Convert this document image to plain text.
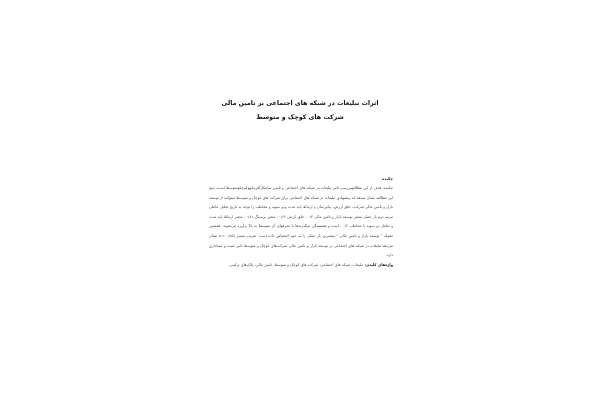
اثرات تبلیغات در شبکه های اجتماعی بر تامین مالی
شرکت های کوچک و متوسط
چکیده
چکیده: هدف از این مطالعهبررسی تاثیر تبلیغات در شبکه های اجتماعی و تامین سایتکارآفرینانهوکوچکومتوسط است. نتیج این مطالعه نشان میدهد که پیشنهادی تبلیغات در شبکه های اجتماعی برای شرکت های کوچک و متوسط میتوانند از توسعه بازار و تامین مالی شرکت، خلق ارزش، پیام‌رسان و ارتباط باید مدت ودو سویه و مخاطب را توجه به تاریخ تحلیل عاملی مرتبه دوم بار عملی متغیر توسعه بازار و تامین مالی ۰/۳ ، خلق ارزش ۰/۶۶ ، متغیر برندینگ ۰/۸۱ ، متغیر ارتباط باید مدت و تعامل دو سویه با مخاطب ۰/۲ ، است و همبستگی میگذرند‌ها با معرفهای آن متوسط به بالا برآورد می‌شوند. همچنین مقوله " توسعه بازار و تامین مالی " بیشترین بار عملی را به خود اختصاص داده است. ضریب مسیر (۰/۸۵ =r) نشان می‌دهد تبلیغات در شبکه های اجتماعی بر توسعه بازار و تامین مالی شرکت‌های کوچک و متوسط تاثیر مثبت و معناداری دارد.
واژه‌های کلیدی: تبلیغات، شبکه های اجتماعی، شرکت های کوچک و متوسط، تامین مالی، پلاک‌های ترکیبی.
